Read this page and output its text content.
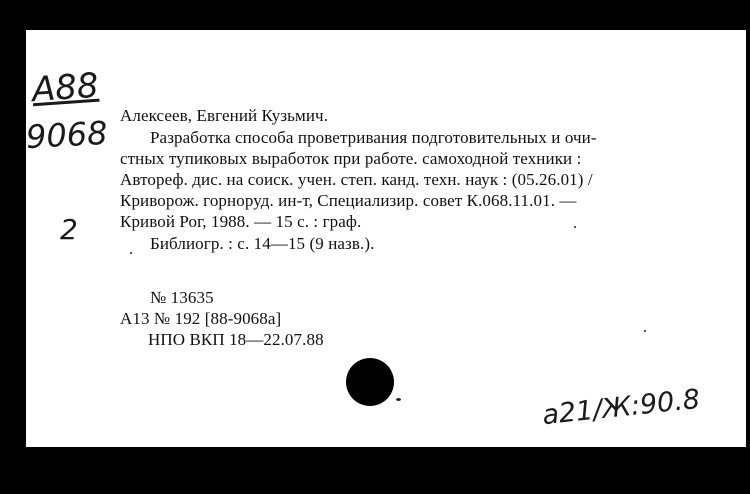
A88
9068
2
Алексеев, Евгений Кузьмич.
Разработка способа проветривания подготовительных и очи-
стных тупиковых выработок при работе. самоходной техники :
Автореф. дис. на соиск. учен. степ. канд. техн. наук : (05.26.01) /
Криворож. горноруд. ин-т, Специализир. совет К.068.11.01. —
Кривой Рог, 1988. — 15 с. : граф.
Библиогр. : с. 14—15 (9 назв.).
№ 13635
А13 № 192 [88-9068а]
НПО ВКП 18—22.07.88
a21/Ж:90.8
